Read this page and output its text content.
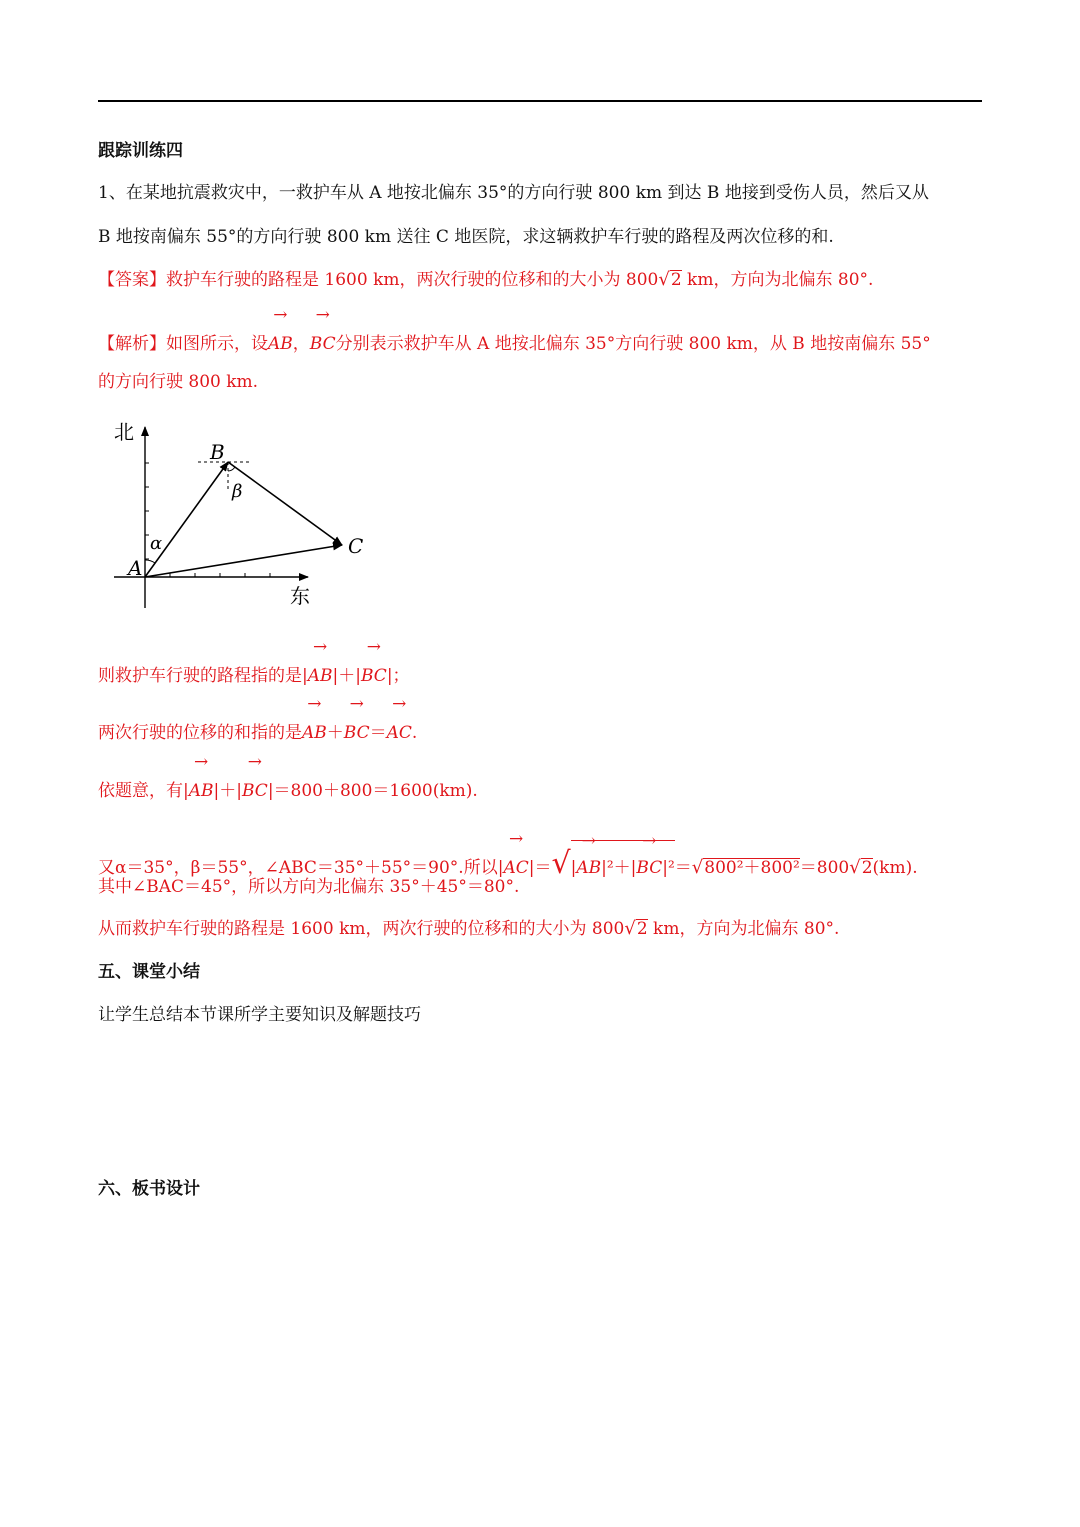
跟踪训练四
1、在某地抗震救灾中，一救护车从 A 地按北偏东 35°的方向行驶 800 km 到达 B 地接到受伤人员，然后又从
B 地按南偏东 55°的方向行驶 800 km 送往 C 地医院，求这辆救护车行驶的路程及两次位移的和.
【答案】救护车行驶的路程是 1600 km，两次行驶的位移和的大小为 800√2 km，方向为北偏东 80°.
【解析】如图所示，设→ AB，→ BC分别表示救护车从 A 地按北偏东 35°方向行驶 800 km，从 B 地按南偏东 55°
的方向行驶 800 km.
北
东
A
B
C
α
β
则救护车行驶的路程指的是|→ AB|＋|→ BC|；
两次行驶的位移的和指的是→ AB＋→ BC＝→ AC.
依题意，有|→ AB|＋|→ BC|＝800＋800＝1600(km).
又α＝35°，β＝55°，∠ABC＝35°＋55°＝90°.所以|→ AC|＝√|→ AB|²＋|→ BC|²＝√800²＋800²＝800√2(km).
其中∠BAC＝45°，所以方向为北偏东 35°＋45°＝80°.
从而救护车行驶的路程是 1600 km，两次行驶的位移和的大小为 800√2 km，方向为北偏东 80°.
五、课堂小结
让学生总结本节课所学主要知识及解题技巧
六、板书设计
